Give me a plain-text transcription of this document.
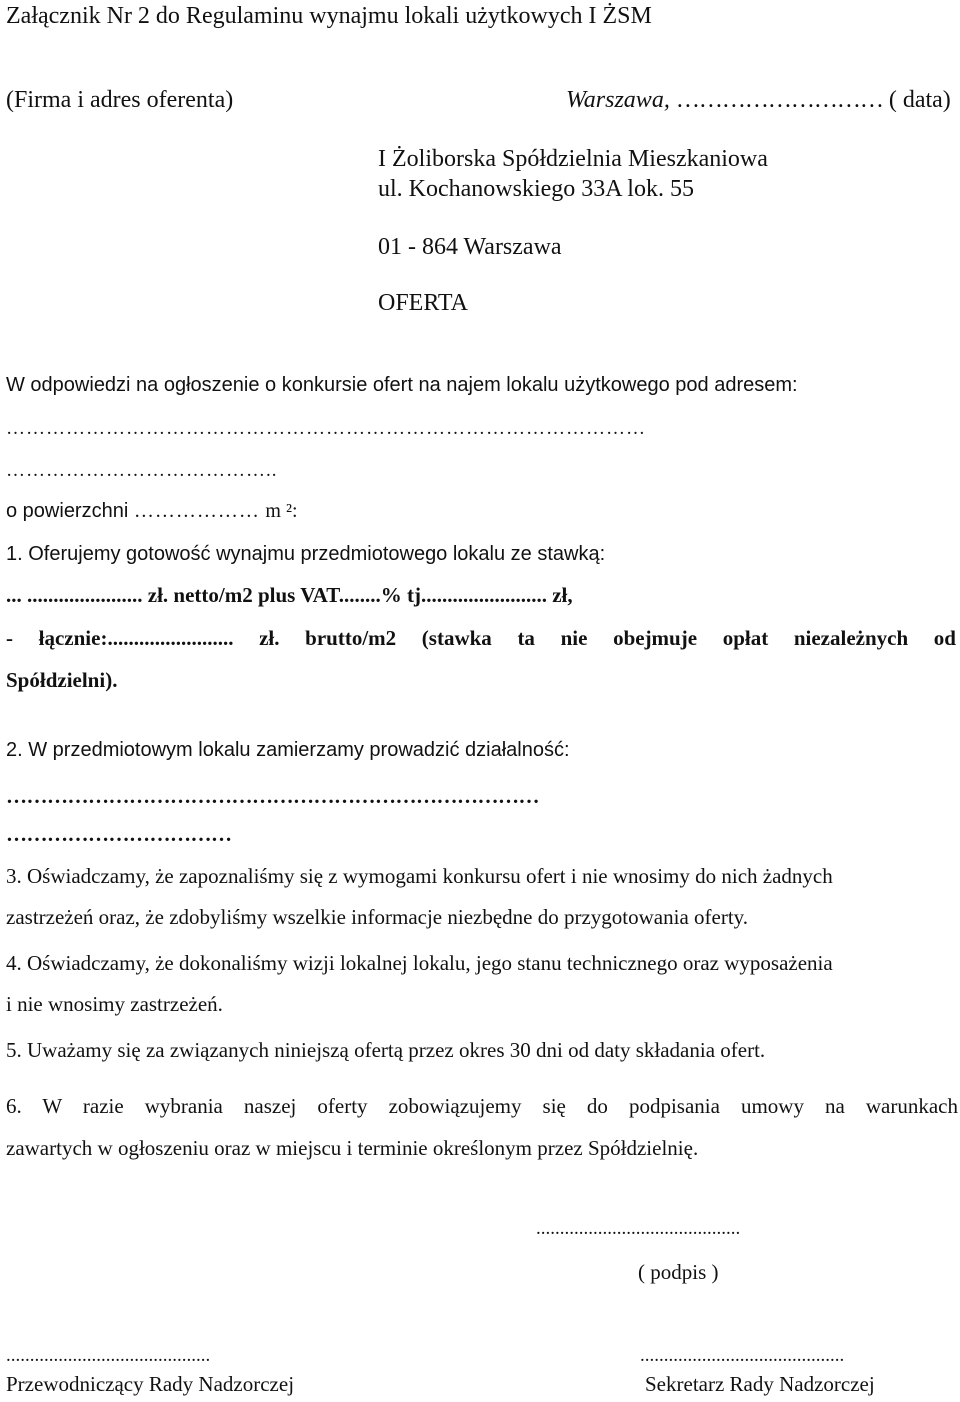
Załącznik Nr 2 do Regulaminu wynajmu lokali użytkowych I ŻSM
(Firma i adres oferenta)	Warszawa, ……………………… ( data)
I Żoliborska Spółdzielnia Mieszkaniowa
ul. Kochanowskiego 33A lok. 55
01 - 864 Warszawa
OFERTA
W odpowiedzi na ogłoszenie o konkursie ofert na najem lokalu użytkowego pod adresem:
……………………………………………………………………………………
…………………………………..
o powierzchni ……………… m ²:
1. Oferujemy gotowość wynajmu przedmiotowego lokalu ze stawką:
... ...................... zł. netto/m2 plus VAT........% tj........................ zł,
- łącznie:........................ zł. brutto/m2 (stawka ta nie obejmuje opłat niezależnych od
Spółdzielni).
2. W przedmiotowym lokalu zamierzamy prowadzić działalność:
……………………………………………………………………
……………………………
3. Oświadczamy, że zapoznaliśmy się z wymogami konkursu ofert i nie wnosimy do nich żadnych
zastrzeżeń oraz, że zdobyliśmy wszelkie informacje niezbędne do przygotowania oferty.
4. Oświadczamy, że dokonaliśmy wizji lokalnej lokalu, jego stanu technicznego oraz wyposażenia
i nie wnosimy zastrzeżeń.
5. Uważamy się za związanych niniejszą ofertą przez okres 30 dni od daty składania ofert.
6. W razie wybrania naszej oferty zobowiązujemy się do podpisania umowy na warunkach
zawartych w ogłoszeniu oraz w miejscu i terminie określonym przez Spółdzielnię.
...........................................
( podpis )
...........................................
Przewodniczący Rady Nadzorczej
...........................................
Sekretarz Rady Nadzorczej
